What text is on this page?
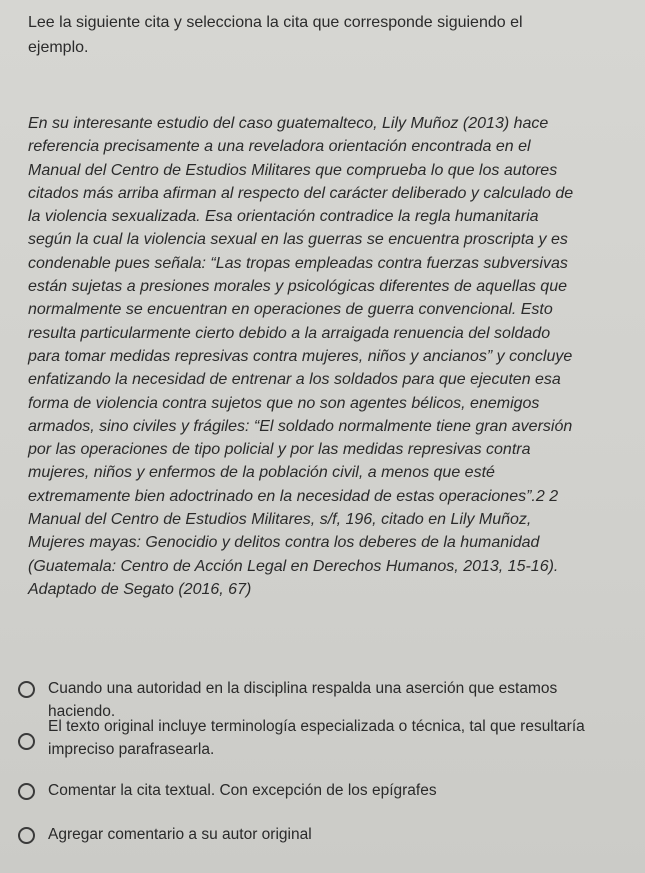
Lee la siguiente cita y selecciona la cita que corresponde siguiendo el
ejemplo.

En su interesante estudio del caso guatemalteco, Lily Muñoz (2013) hace
referencia precisamente a una reveladora orientación encontrada en el
Manual del Centro de Estudios Militares que comprueba lo que los autores
citados más arriba afirman al respecto del carácter deliberado y calculado de
la violencia sexualizada. Esa orientación contradice la regla humanitaria
según la cual la violencia sexual en las guerras se encuentra proscripta y es
condenable pues señala: “Las tropas empleadas contra fuerzas subversivas
están sujetas a presiones morales y psicológicas diferentes de aquellas que
normalmente se encuentran en operaciones de guerra convencional. Esto
resulta particularmente cierto debido a la arraigada renuencia del soldado
para tomar medidas represivas contra mujeres, niños y ancianos” y concluye
enfatizando la necesidad de entrenar a los soldados para que ejecuten esa
forma de violencia contra sujetos que no son agentes bélicos, enemigos
armados, sino civiles y frágiles: “El soldado normalmente tiene gran aversión
por las operaciones de tipo policial y por las medidas represivas contra
mujeres, niños y enfermos de la población civil, a menos que esté
extremamente bien adoctrinado en la necesidad de estas operaciones”.2 2
Manual del Centro de Estudios Militares, s/f, 196, citado en Lily Muñoz,
Mujeres mayas: Genocidio y delitos contra los deberes de la humanidad
(Guatemala: Centro de Acción Legal en Derechos Humanos, 2013, 15-16).
Adaptado de Segato (2016, 67)
Cuando una autoridad en la disciplina respalda una aserción que estamos haciendo.
El texto original incluye terminología especializada o técnica, tal que resultaría impreciso parafrasearla.
Comentar la cita textual. Con excepción de los epígrafes
Agregar comentario a su autor original
